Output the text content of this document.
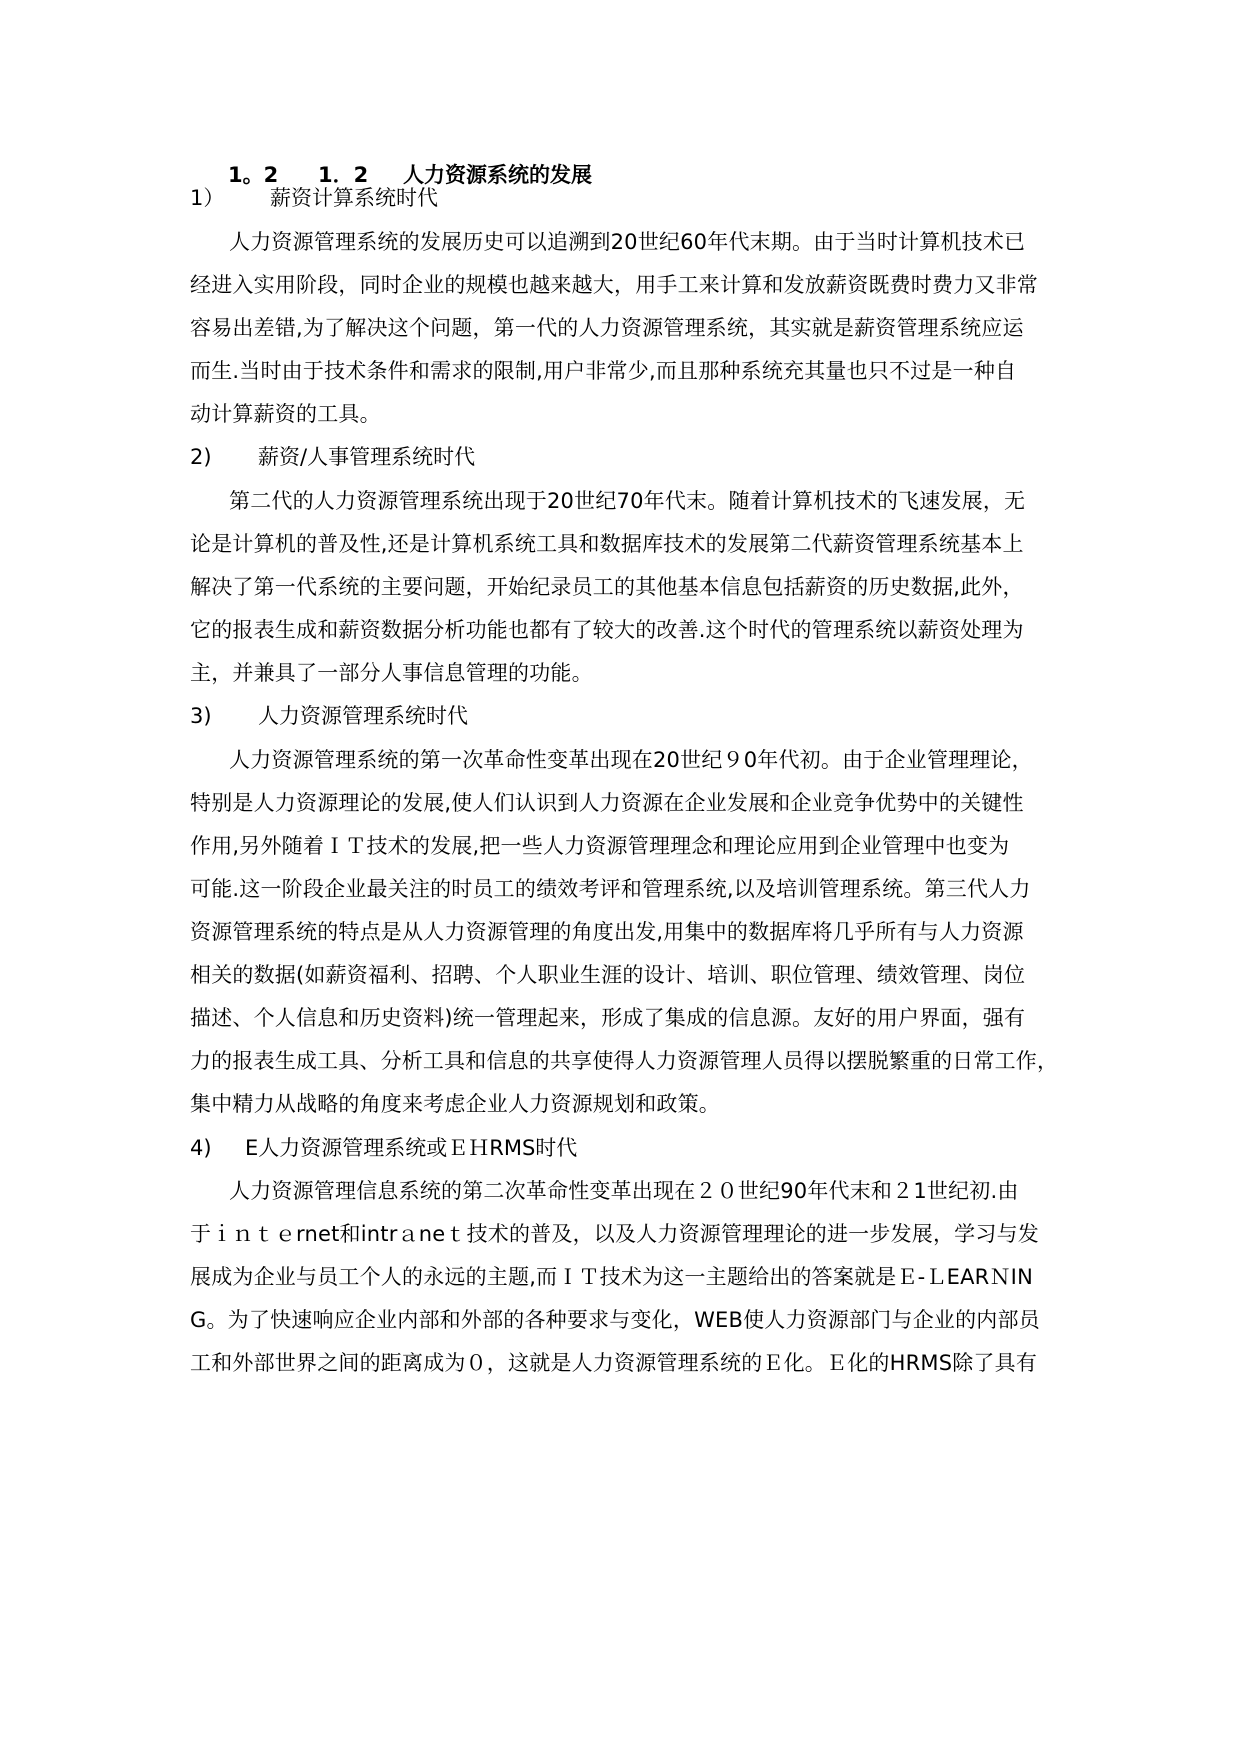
1。2 1．2 人力资源系统的发展
1） 薪资计算系统时代
人力资源管理系统的发展历史可以追溯到20世纪60年代末期。由于当时计算机技术已
经进入实用阶段，同时企业的规模也越来越大，用手工来计算和发放薪资既费时费力又非常
容易出差错,为了解决这个问题，第一代的人力资源管理系统，其实就是薪资管理系统应运
而生.当时由于技术条件和需求的限制,用户非常少,而且那种系统充其量也只不过是一种自
动计算薪资的工具。
2) 薪资/人事管理系统时代
第二代的人力资源管理系统出现于20世纪70年代末。随着计算机技术的飞速发展，无
论是计算机的普及性,还是计算机系统工具和数据库技术的发展第二代薪资管理系统基本上
解决了第一代系统的主要问题，开始纪录员工的其他基本信息包括薪资的历史数据,此外，
它的报表生成和薪资数据分析功能也都有了较大的改善.这个时代的管理系统以薪资处理为
主，并兼具了一部分人事信息管理的功能。
3) 人力资源管理系统时代
人力资源管理系统的第一次革命性变革出现在20世纪９0年代初。由于企业管理理论，
特别是人力资源理论的发展,使人们认识到人力资源在企业发展和企业竞争优势中的关键性
作用,另外随着ＩＴ技术的发展,把一些人力资源管理理念和理论应用到企业管理中也变为
可能.这一阶段企业最关注的时员工的绩效考评和管理系统,以及培训管理系统。第三代人力
资源管理系统的特点是从人力资源管理的角度出发,用集中的数据库将几乎所有与人力资源
相关的数据(如薪资福利、招聘、个人职业生涯的设计、培训、职位管理、绩效管理、岗位
描述、个人信息和历史资料)统一管理起来，形成了集成的信息源。友好的用户界面，强有
力的报表生成工具、分析工具和信息的共享使得人力资源管理人员得以摆脱繁重的日常工作，
集中精力从战略的角度来考虑企业人力资源规划和政策。
4) E人力资源管理系统或ＥＨRMS时代
人力资源管理信息系统的第二次革命性变革出现在２０世纪90年代末和２1世纪初.由
于ｉｎｔｅrnet和intrａneｔ技术的普及，以及人力资源管理理论的进一步发展，学习与发
展成为企业与员工个人的永远的主题,而ＩＴ技术为这一主题给出的答案就是Ｅ-ＬEARＮIN
G。为了快速响应企业内部和外部的各种要求与变化，WEB使人力资源部门与企业的内部员
工和外部世界之间的距离成为０，这就是人力资源管理系统的Ｅ化。Ｅ化的HRMS除了具有
